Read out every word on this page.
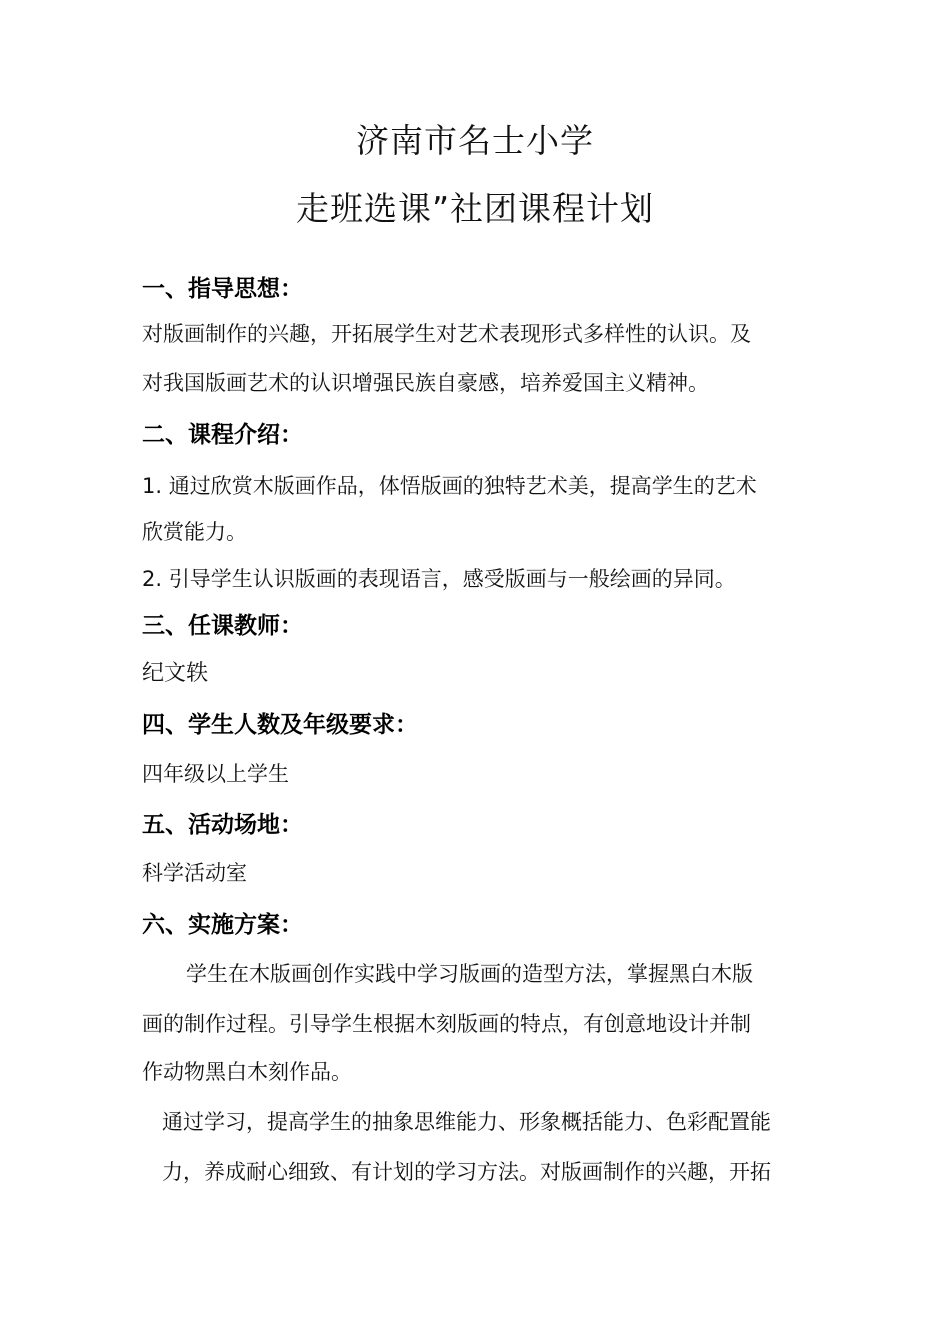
济南市名士小学
走班选课”社团课程计划
一、指导思想：
对版画制作的兴趣，开拓展学生对艺术表现形式多样性的认识。及
对我国版画艺术的认识增强民族自豪感，培养爱国主义精神。
二、课程介绍：
1. 通过欣赏木版画作品，体悟版画的独特艺术美，提高学生的艺术
欣赏能力。
2. 引导学生认识版画的表现语言，感受版画与一般绘画的异同。
三、任课教师：
纪文轶
四、学生人数及年级要求：
四年级以上学生
五、活动场地：
科学活动室
六、实施方案：
学生在木版画创作实践中学习版画的造型方法，掌握黑白木版
画的制作过程。引导学生根据木刻版画的特点，有创意地设计并制
作动物黑白木刻作品。
通过学习，提高学生的抽象思维能力、形象概括能力、色彩配置能
力，养成耐心细致、有计划的学习方法。对版画制作的兴趣，开拓
